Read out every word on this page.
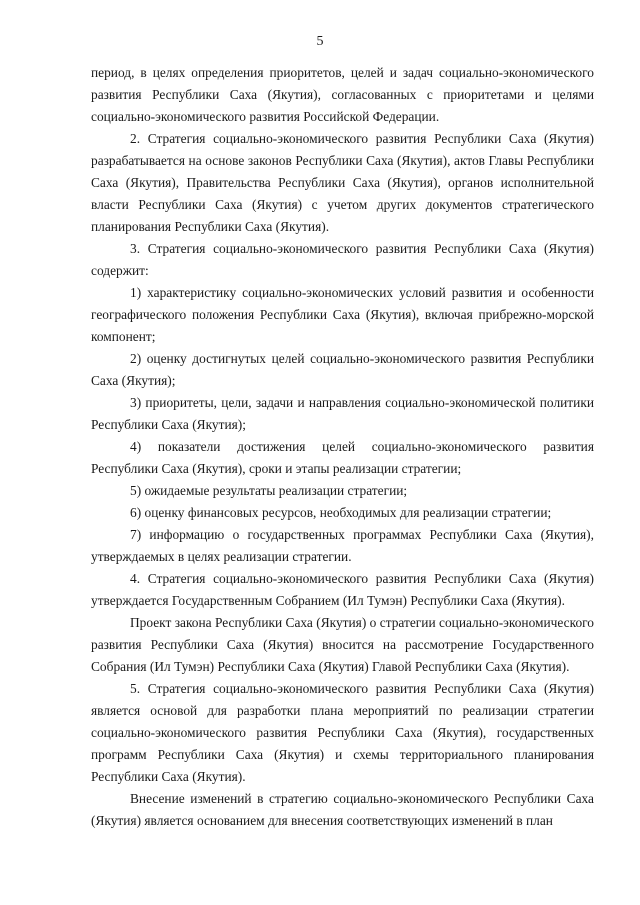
5

период, в целях определения приоритетов, целей и задач социально-экономического развития Республики Саха (Якутия), согласованных с приоритетами и целями социально-экономического развития Российской Федерации.

2. Стратегия социально-экономического развития Республики Саха (Якутия) разрабатывается на основе законов Республики Саха (Якутия), актов Главы Республики Саха (Якутия), Правительства Республики Саха (Якутия), органов исполнительной власти Республики Саха (Якутия) с учетом других документов стратегического планирования Республики Саха (Якутия).

3. Стратегия социально-экономического развития Республики Саха (Якутия) содержит:

1) характеристику социально-экономических условий развития и особенности географического положения Республики Саха (Якутия), включая прибрежно-морской компонент;

2) оценку достигнутых целей социально-экономического развития Республики Саха (Якутия);

3) приоритеты, цели, задачи и направления социально-экономической политики Республики Саха (Якутия);

4) показатели достижения целей социально-экономического развития Республики Саха (Якутия), сроки и этапы реализации стратегии;

5) ожидаемые результаты реализации стратегии;

6) оценку финансовых ресурсов, необходимых для реализации стратегии;

7) информацию о государственных программах Республики Саха (Якутия), утверждаемых в целях реализации стратегии.

4. Стратегия социально-экономического развития Республики Саха (Якутия) утверждается Государственным Собранием (Ил Тумэн) Республики Саха (Якутия).

Проект закона Республики Саха (Якутия) о стратегии социально-экономического развития Республики Саха (Якутия) вносится на рассмотрение Государственного Собрания (Ил Тумэн) Республики Саха (Якутия) Главой Республики Саха (Якутия).

5. Стратегия социально-экономического развития Республики Саха (Якутия) является основой для разработки плана мероприятий по реализации стратегии социально-экономического развития Республики Саха (Якутия), государственных программ Республики Саха (Якутия) и схемы территориального планирования Республики Саха (Якутия).

Внесение изменений в стратегию социально-экономического Республики Саха (Якутия) является основанием для внесения соответствующих изменений в план
